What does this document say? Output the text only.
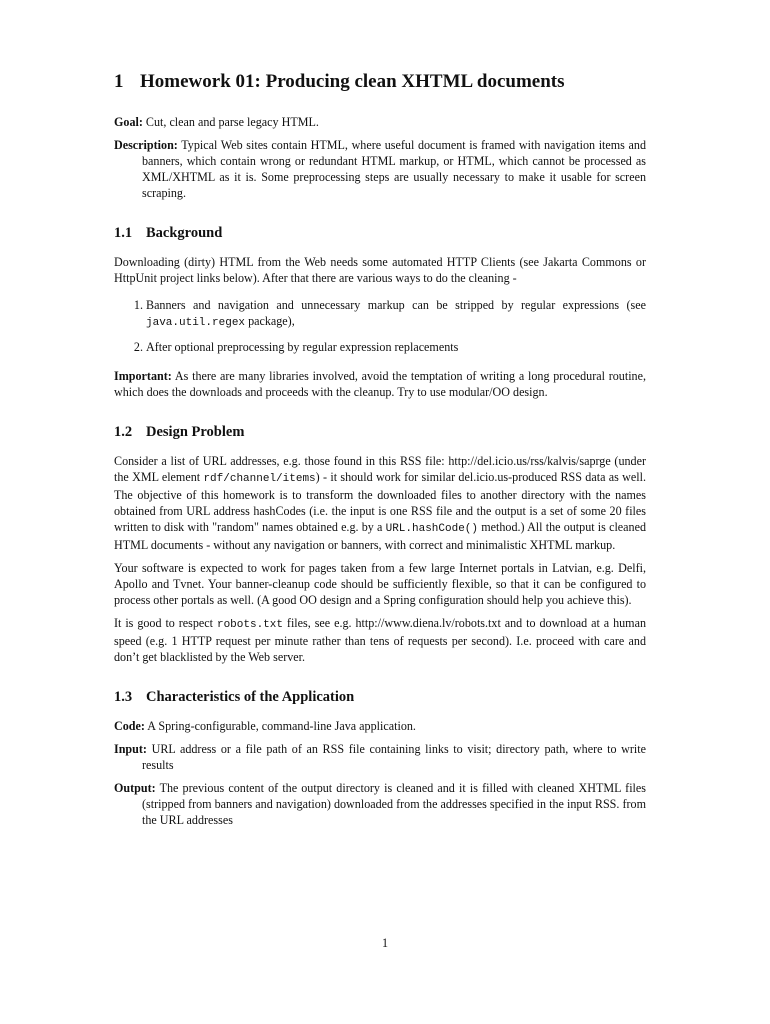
1 Homework 01: Producing clean XHTML documents

Goal: Cut, clean and parse legacy HTML.

Description: Typical Web sites contain HTML, where useful document is framed with navigation items and banners, which contain wrong or redundant HTML markup, or HTML, which cannot be processed as XML/XHTML as it is. Some preprocessing steps are usually necessary to make it usable for screen scraping.

1.1 Background

Downloading (dirty) HTML from the Web needs some automated HTTP Clients (see Jakarta Commons or HttpUnit project links below). After that there are various ways to do the cleaning -

1. Banners and navigation and unnecessary markup can be stripped by regular expressions (see java.util.regex package),
2. After optional preprocessing by regular expression replacements

Important: As there are many libraries involved, avoid the temptation of writing a long procedural routine, which does the downloads and proceeds with the cleanup. Try to use modular/OO design.

1.2 Design Problem

Consider a list of URL addresses, e.g. those found in this RSS file: http://del.icio.us/rss/kalvis/saprge (under the XML element rdf/channel/items) - it should work for similar del.icio.us-produced RSS data as well. The objective of this homework is to transform the downloaded files to another directory with the names obtained from URL address hashCodes (i.e. the input is one RSS file and the output is a set of some 20 files written to disk with "random" names obtained e.g. by a URL.hashCode() method.) All the output is cleaned HTML documents - without any navigation or banners, with correct and minimalistic XHTML markup.

Your software is expected to work for pages taken from a few large Internet portals in Latvian, e.g. Delfi, Apollo and Tvnet. Your banner-cleanup code should be sufficiently flexible, so that it can be configured to process other portals as well. (A good OO design and a Spring configuration should help you achieve this).

It is good to respect robots.txt files, see e.g. http://www.diena.lv/robots.txt and to download at a human speed (e.g. 1 HTTP request per minute rather than tens of requests per second). I.e. proceed with care and don’t get blacklisted by the Web server.

1.3 Characteristics of the Application

Code: A Spring-configurable, command-line Java application.

Input: URL address or a file path of an RSS file containing links to visit; directory path, where to write results

Output: The previous content of the output directory is cleaned and it is filled with cleaned XHTML files (stripped from banners and navigation) downloaded from the addresses specified in the input RSS. from the URL addresses

1
